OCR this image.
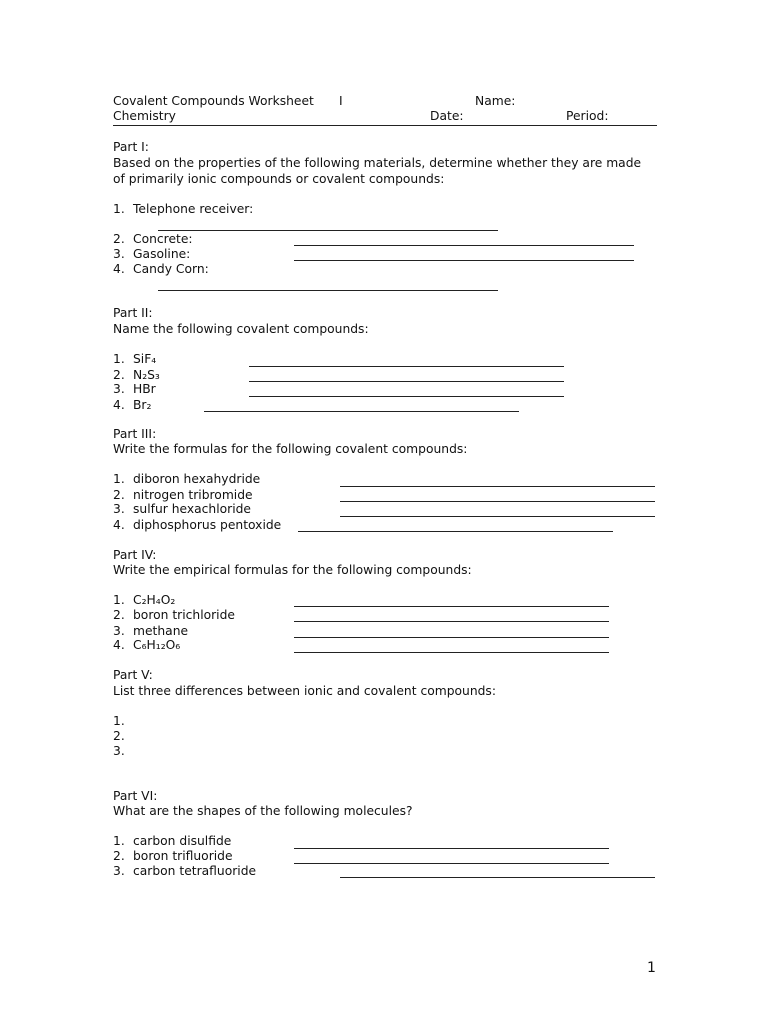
Covalent Compounds Worksheet I	Name:
Chemistry	Date:	Period:
Part I:
Based on the properties of the following materials, determine whether they are made
of primarily ionic compounds or covalent compounds:
1. Telephone receiver:
2. Concrete:
3. Gasoline:
4. Candy Corn:
Part II:
Name the following covalent compounds:
1. SiF₄
2. N₂S₃
3. HBr
4. Br₂
Part III:
Write the formulas for the following covalent compounds:
1. diboron hexahydride
2. nitrogen tribromide
3. sulfur hexachloride
4. diphosphorus pentoxide
Part IV:
Write the empirical formulas for the following compounds:
1. C₂H₄O₂
2. boron trichloride
3. methane
4. C₆H₁₂O₆
Part V:
List three differences between ionic and covalent compounds:
1.
2.
3.
Part VI:
What are the shapes of the following molecules?
1. carbon disulfide
2. boron trifluoride
3. carbon tetrafluoride
1
